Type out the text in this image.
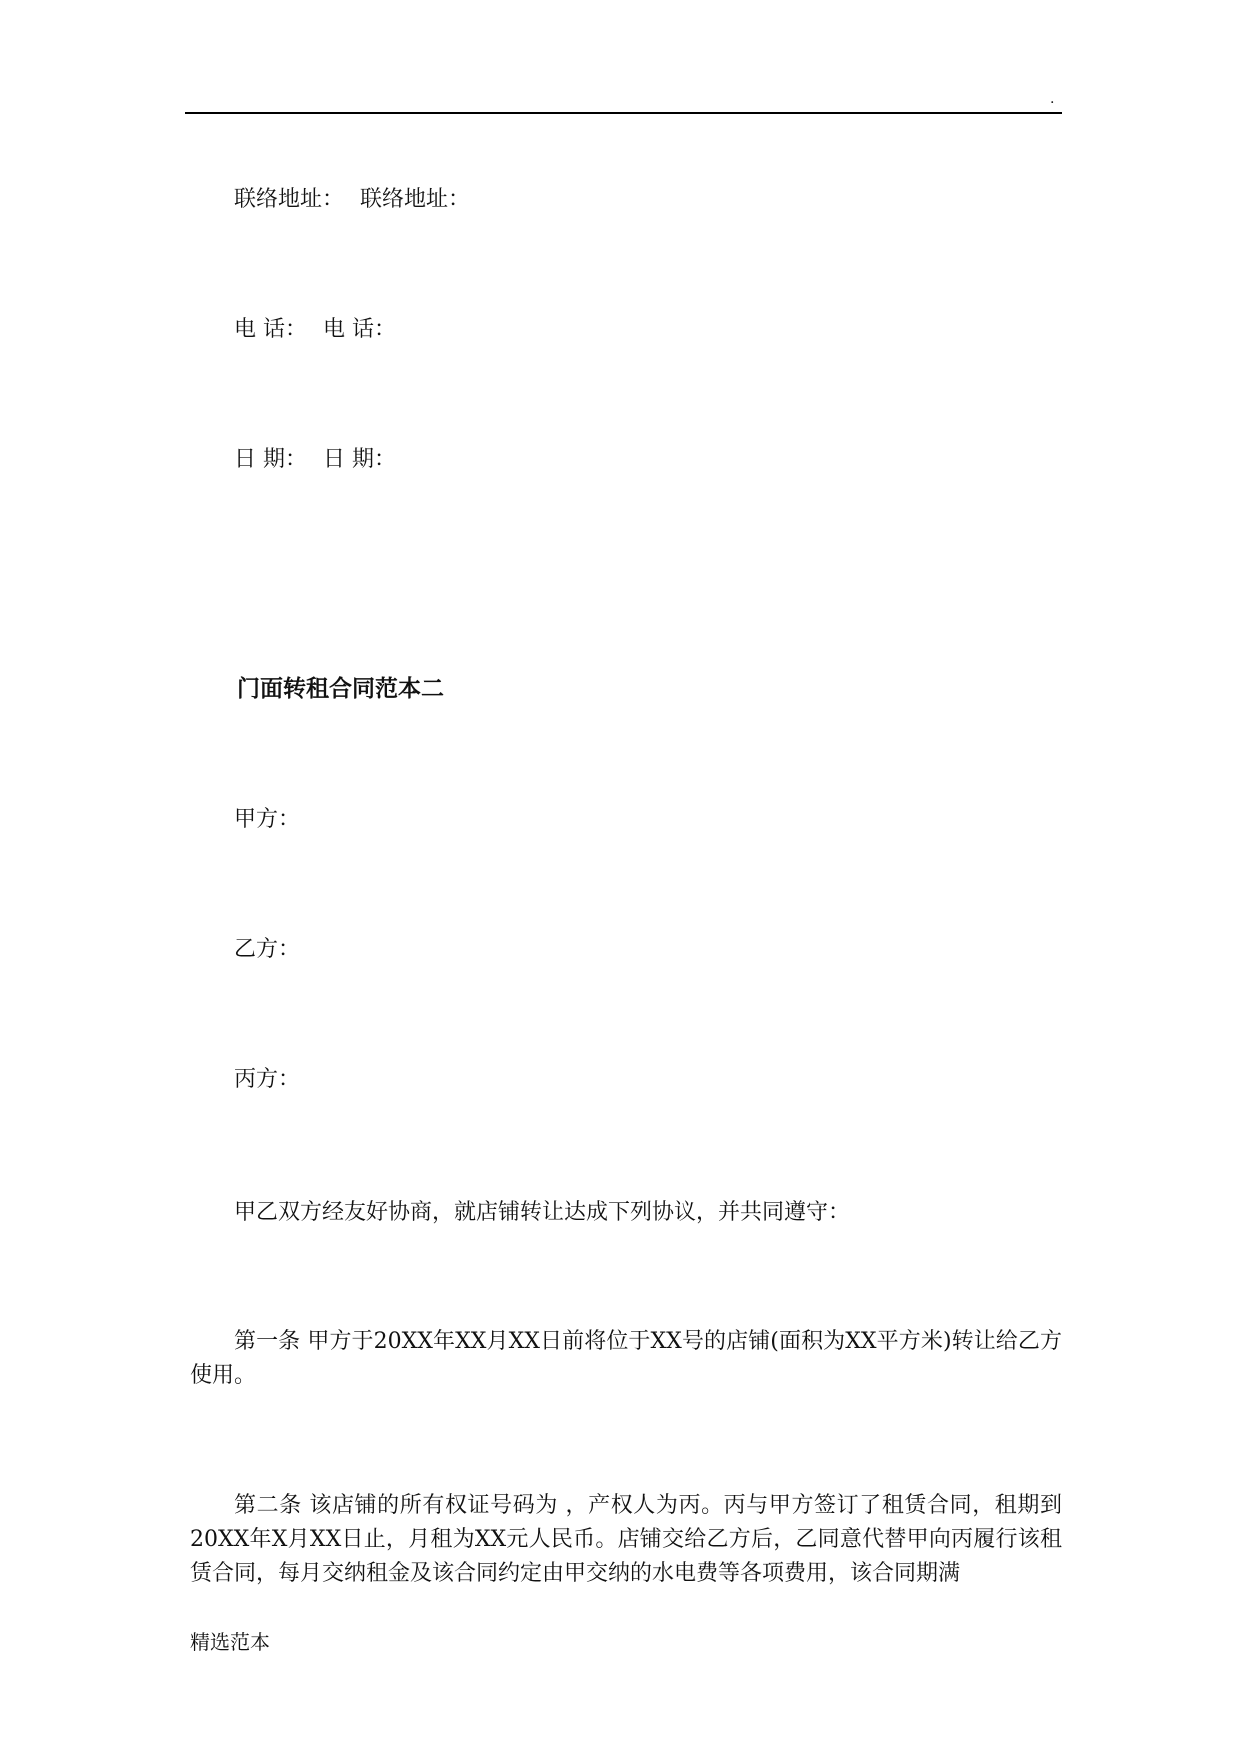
.
联络地址： 联络地址：
电 话： 电 话：
日 期： 日 期：
门面转租合同范本二
甲方：
乙方：
丙方：
甲乙双方经友好协商，就店铺转让达成下列协议，并共同遵守：

第一条 甲方于20XX年XX月XX日前将位于XX号的店铺(面积为XX平方米)转让给乙方使用。

第二条 该店铺的所有权证号码为 ，产权人为丙。丙与甲方签订了租赁合同，租期到20XX年X月XX日止，月租为XX元人民币。店铺交给乙方后，乙同意代替甲向丙履行该租赁合同，每月交纳租金及该合同约定由甲交纳的水电费等各项费用，该合同期满

精选范本
